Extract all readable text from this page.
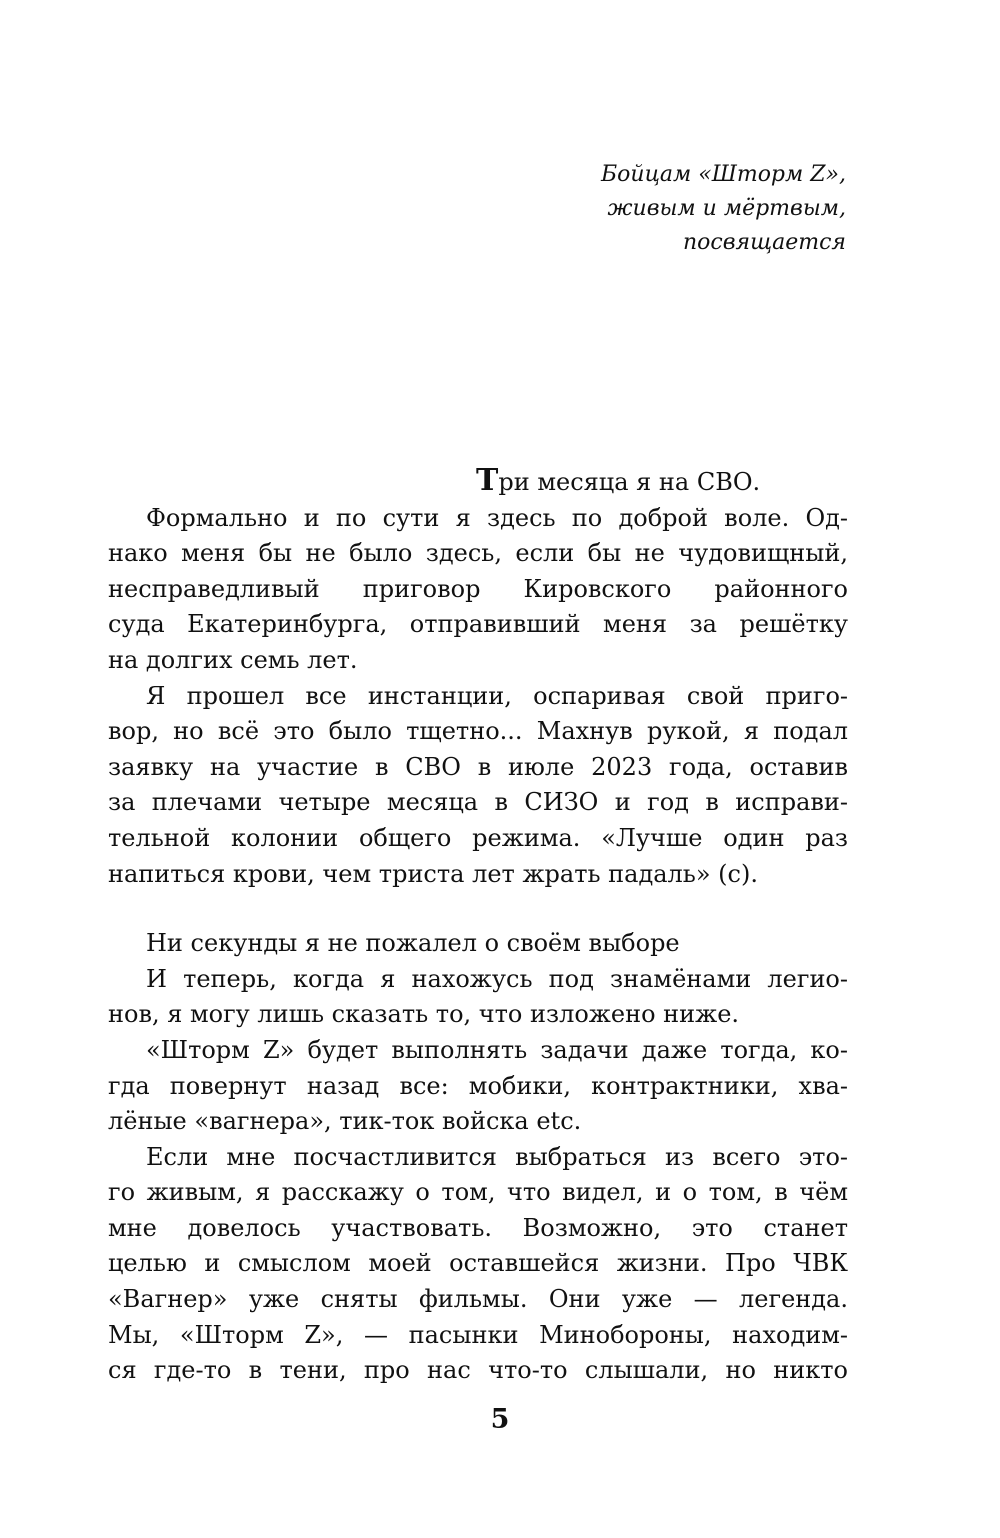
Бойцам «Шторм Z»,
живым и мёртвым,
посвящается
Три месяца я на СВО.
Формально и по сути я здесь по доброй воле. Од-
нако меня бы не было здесь, если бы не чудовищный,
несправедливый приговор Кировского районного
суда Екатеринбурга, отправивший меня за решётку
на долгих семь лет.
Я прошел все инстанции, оспаривая свой приго-
вор, но всё это было тщетно... Махнув рукой, я подал
заявку на участие в СВО в июле 2023 года, оставив
за плечами четыре месяца в СИЗО и год в исправи-
тельной колонии общего режима. «Лучше один раз
напиться крови, чем триста лет жрать падаль» (с).
Ни секунды я не пожалел о своём выборе
И теперь, когда я нахожусь под знамёнами легио-
нов, я могу лишь сказать то, что изложено ниже.
«Шторм Z» будет выполнять задачи даже тогда, ко-
гда повернут назад все: мобики, контрактники, хва-
лёные «вагнера», тик-ток войска etc.
Если мне посчастливится выбраться из всего это-
го живым, я расскажу о том, что видел, и о том, в чём
мне довелось участвовать. Возможно, это станет
целью и смыслом моей оставшейся жизни. Про ЧВК
«Вагнер» уже сняты фильмы. Они уже — легенда.
Мы, «Шторм Z», — пасынки Минобороны, находим-
ся где-то в тени, про нас что-то слышали, но никто
5
